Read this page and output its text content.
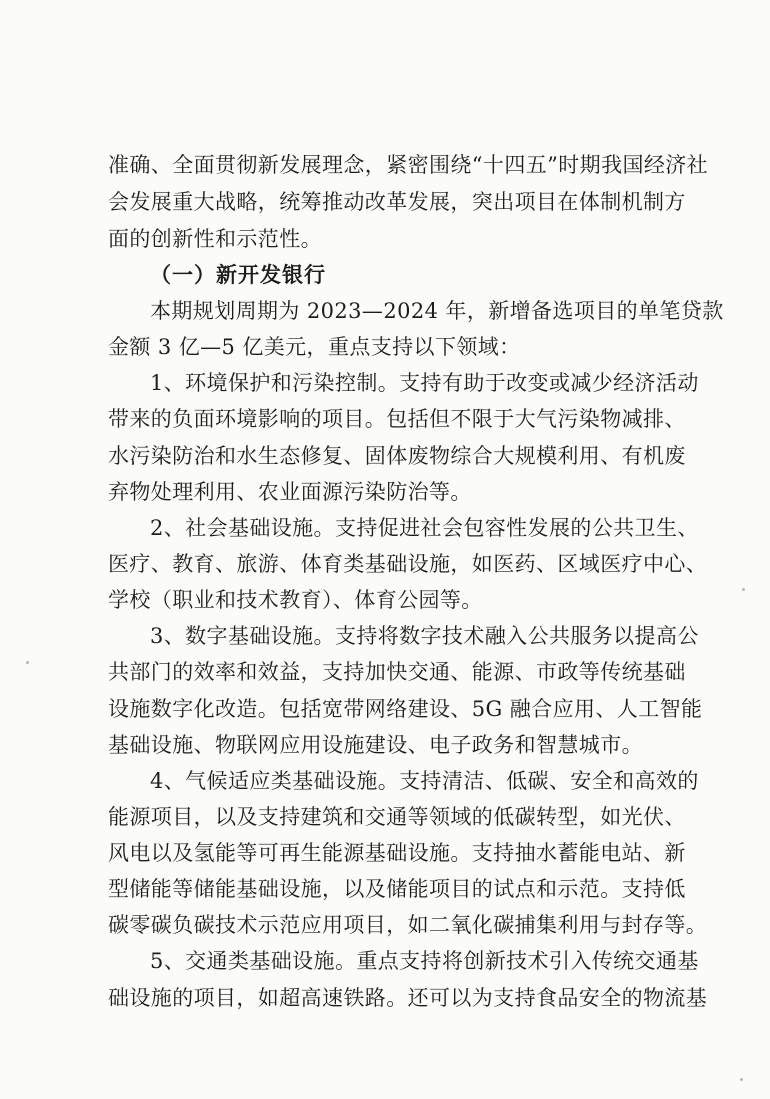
准确、全面贯彻新发展理念，紧密围绕“十四五”时期我国经济社
会发展重大战略，统筹推动改革发展，突出项目在体制机制方
面的创新性和示范性。
（一）新开发银行
本期规划周期为 2023—2024 年，新增备选项目的单笔贷款
金额 3 亿—5 亿美元，重点支持以下领域：
1、环境保护和污染控制。支持有助于改变或减少经济活动
带来的负面环境影响的项目。包括但不限于大气污染物减排、
水污染防治和水生态修复、固体废物综合大规模利用、有机废
弃物处理利用、农业面源污染防治等。
2、社会基础设施。支持促进社会包容性发展的公共卫生、
医疗、教育、旅游、体育类基础设施，如医药、区域医疗中心、
学校（职业和技术教育）、体育公园等。
3、数字基础设施。支持将数字技术融入公共服务以提高公
共部门的效率和效益，支持加快交通、能源、市政等传统基础
设施数字化改造。包括宽带网络建设、5G 融合应用、人工智能
基础设施、物联网应用设施建设、电子政务和智慧城市。
4、气候适应类基础设施。支持清洁、低碳、安全和高效的
能源项目，以及支持建筑和交通等领域的低碳转型，如光伏、
风电以及氢能等可再生能源基础设施。支持抽水蓄能电站、新
型储能等储能基础设施，以及储能项目的试点和示范。支持低
碳零碳负碳技术示范应用项目，如二氧化碳捕集利用与封存等。
5、交通类基础设施。重点支持将创新技术引入传统交通基
础设施的项目，如超高速铁路。还可以为支持食品安全的物流基
